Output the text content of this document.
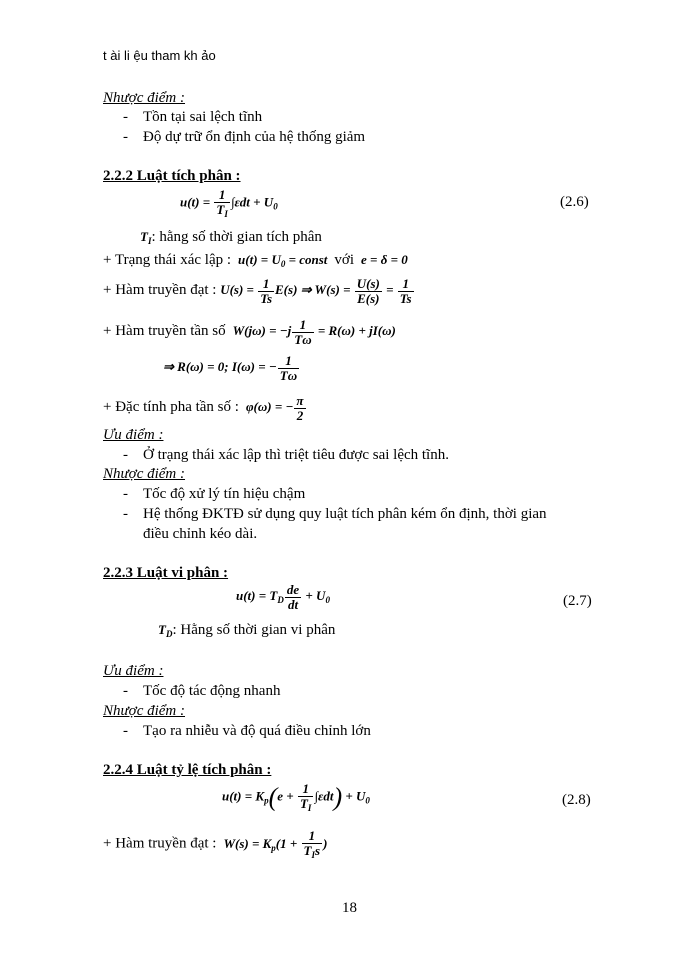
t ài li ệu tham kh ảo
Nhược điểm :
- Tồn tại sai lệch tĩnh
- Độ dự trữ ổn định của hệ thống giảm
2.2.2 Luật tích phân :
$u(t) = \frac{1}{T_I} \int\varepsilon dt + U_0$	(2.6)
$T_I$: hằng số thời gian tích phân
+ Trạng thái xác lập :  $u(t) = U_0$ = const  với  e = δ = 0
+ Hàm truyền đạt : $U(s) = \frac{1}{Ts} E(s)$ ⇒ $W(s) = \frac{U(s)}{E(s)} = \frac{1}{Ts}$
+ Hàm truyền tần số  $W(j\omega) = -j \frac{1}{T\omega} = R(\omega) + jI(\omega)$
⇒ R(ω) = 0; I(ω) = − $\frac{1}{T\omega}$
+ Đặc tính pha tần số :  φ(ω) = − $\frac{\pi}{2}$
Ưu điểm :
- Ở trạng thái xác lập thì triệt tiêu được sai lệch tĩnh.
Nhược điểm :
- Tốc độ xử lý tín hiệu chậm
- Hệ thống ĐKTĐ sử dụng quy luật tích phân kém ổn định, thời gian
điều chỉnh kéo dài.
2.2.3 Luật vi phân :
$u(t) = T_D \frac{de}{dt} + U_0$	(2.7)
$T_D$: Hằng số thời gian vi phân
Ưu điểm :
- Tốc độ tác động nhanh
Nhược điểm :
- Tạo ra nhiễu và độ quá điều chỉnh lớn
2.2.4 Luật tỷ lệ tích phân :
$u(t) = K_p(e + \frac{1}{T_I} \int\varepsilon dt) + U_0$	(2.8)
+ Hàm truyền đạt :  $W(s) = K_p(1 + \frac{1}{T_Is}$ )
18
